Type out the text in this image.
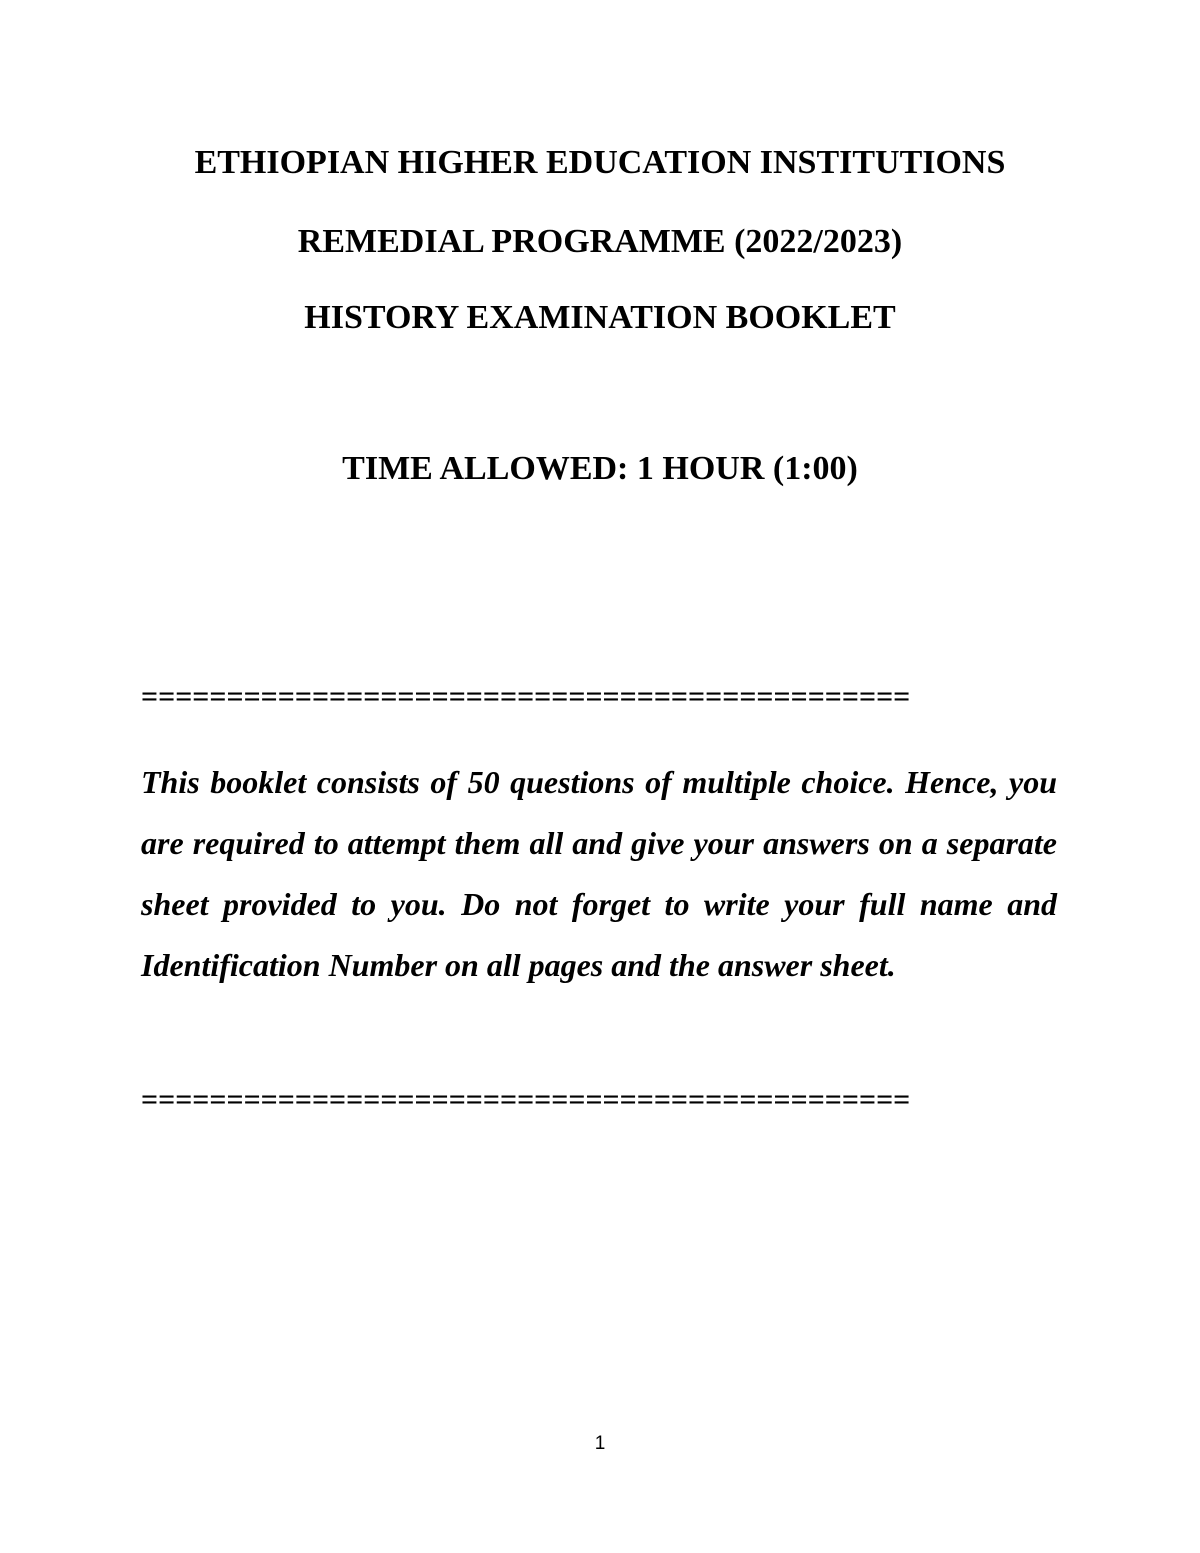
ETHIOPIAN HIGHER EDUCATION INSTITUTIONS

REMEDIAL PROGRAMME (2022/2023)

HISTORY EXAMINATION BOOKLET

TIME ALLOWED: 1 HOUR (1:00)

=============================================

This booklet consists of 50 questions of multiple choice. Hence, you are required to attempt them all and give your answers on a separate sheet provided to you. Do not forget to write your full name and Identification Number on all pages and the answer sheet.

=============================================

1
